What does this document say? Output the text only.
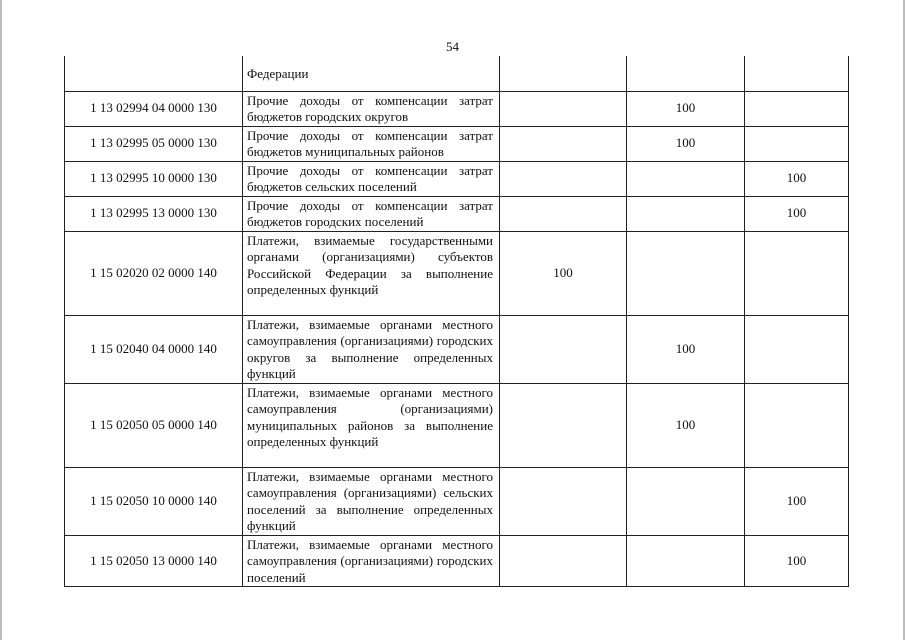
54
	Федерации			
1 13 02994 04 0000 130	Прочие доходы от компенсации затрат бюджетов городских округов		100	
1 13 02995 05 0000 130	Прочие доходы от компенсации затрат бюджетов муниципальных районов		100	
1 13 02995 10 0000 130	Прочие доходы от компенсации затрат бюджетов сельских поселений			100
1 13 02995 13 0000 130	Прочие доходы от компенсации затрат бюджетов городских поселений			100
1 15 02020 02 0000 140	Платежи, взимаемые государственными органами (организациями) субъектов Российской Федерации за выполнение определенных функций	100		
1 15 02040 04 0000 140	Платежи, взимаемые органами местного самоуправления (организациями) городских округов за выполнение определенных функций		100	
1 15 02050 05 0000 140	Платежи, взимаемые органами местного самоуправления (организациями) муниципальных районов за выполнение определенных функций		100	
1 15 02050 10 0000 140	Платежи, взимаемые органами местного самоуправления (организациями) сельских поселений за выполнение определенных функций			100
1 15 02050 13 0000 140	Платежи, взимаемые органами местного самоуправления (организациями) городских поселений			100
